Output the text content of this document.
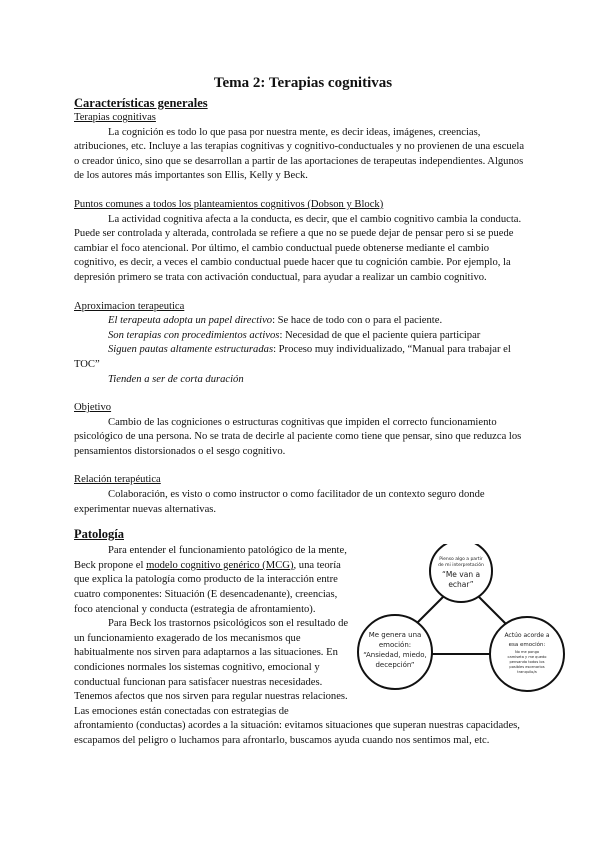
Tema 2: Terapias cognitivas
Características generales

Terapias cognitivas

La cognición es todo lo que pasa por nuestra mente, es decir ideas, imágenes, creencias, atribuciones, etc. Incluye a las terapias cognitivas y cognitivo-conductuales y no provienen de una escuela o creador único, sino que se desarrollan a partir de las aportaciones de terapeutas independientes. Algunos de los autores más importantes son Ellis, Kelly y Beck.

Puntos comunes a todos los planteamientos cognitivos (Dobson y Block)

La actividad cognitiva afecta a la conducta, es decir, que el cambio cognitivo cambia la conducta. Puede ser controlada y alterada, controlada se refiere a que no se puede dejar de pensar pero si se puede cambiar el foco atencional. Por último, el cambio conductual puede obtenerse mediante el cambio cognitivo, es decir, a veces el cambio conductual puede hacer que tu cognición cambie. Por ejemplo, la depresión primero se trata con activación conductual, para ayudar a realizar un cambio cognitivo.

Aproximacion terapeutica

El terapeuta adopta un papel directivo: Se hace de todo con o para el paciente.

Son terapias con procedimientos activos: Necesidad de que el paciente quiera participar

Siguen pautas altamente estructuradas: Proceso muy individualizado, “Manual para trabajar el TOC”

Tienden a ser de corta duración

Objetivo

Cambio de las cogniciones o estructuras cognitivas que impiden el correcto funcionamiento psicológico de una persona. No se trata de decirle al paciente como tiene que pensar, sino que reduzca los pensamientos distorsionados o el sesgo cognitivo.

Relación terapéutica

Colaboración, es visto o como instructor o como facilitador de un contexto seguro donde experimentar nuevas alternativas.

Patología
Pienso algo a partir
de mi interpretación
“Me van a
echar”
Me genera una
emoción:
“Ansiedad, miedo,
decepción”
Actúo acorde a
esa emoción:
No me pongo
camiseta y me quedo
pensando todos los
posibles escenarios
tranquilo/a

Para entender el funcionamiento patológico de la mente, Beck propone el modelo cognitivo genérico (MCG), una teoría que explica la patología como producto de la interacción entre cuatro componentes: Situación (E desencadenante), creencias, foco atencional y conducta (estrategia de afrontamiento).

Para Beck los trastornos psicológicos son el resultado de un funcionamiento exagerado de los mecanismos que habitualmente nos sirven para adaptarnos a las situaciones. En condiciones normales los sistemas cognitivo, emocional y conductual funcionan para satisfacer nuestras necesidades. Tenemos afectos que nos sirven para regular nuestras relaciones. Las emociones están conectadas con estrategias de afrontamiento (conductas) acordes a la situación: evitamos situaciones que superan nuestras capacidades, escapamos del peligro o luchamos para afrontarlo, buscamos ayuda cuando nos sentimos mal, etc.
